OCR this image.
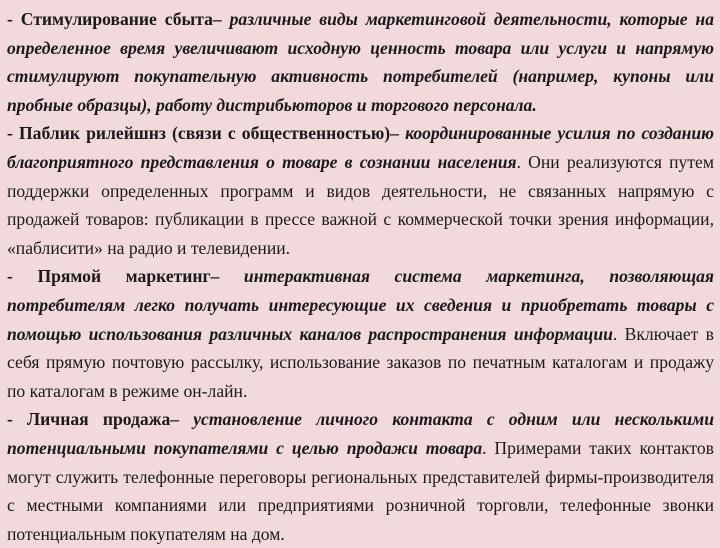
- Стимулирование сбыта– различные виды маркетинговой деятельности, которые на определенное время увеличивают исходную ценность товара или услуги и напрямую стимулируют покупательную активность потребителей (например, купоны или пробные образцы), работу дистрибьюторов и торгового персонала.

- Паблик рилейшнз (связи с общественностью)– координированные усилия по созданию благоприятного представления о товаре в сознании населения. Они реализуются путем поддержки определенных программ и видов деятельности, не связанных напрямую с продажей товаров: публикации в прессе важной с коммерческой точки зрения информации, «паблисити» на радио и телевидении.

- Прямой маркетинг– интерактивная система маркетинга, позволяющая потребителям легко получать интересующие их сведения и приобретать товары с помощью использования различных каналов распространения информации. Включает в себя прямую почтовую рассылку, использование заказов по печатным каталогам и продажу по каталогам в режиме он-лайн.

- Личная продажа– установление личного контакта с одним или несколькими потенциальными покупателями с целью продажи товара. Примерами таких контактов могут служить телефонные переговоры региональных представителей фирмы-производителя с местными компаниями или предприятиями розничной торговли, телефонные звонки потенциальным покупателям на дом.
